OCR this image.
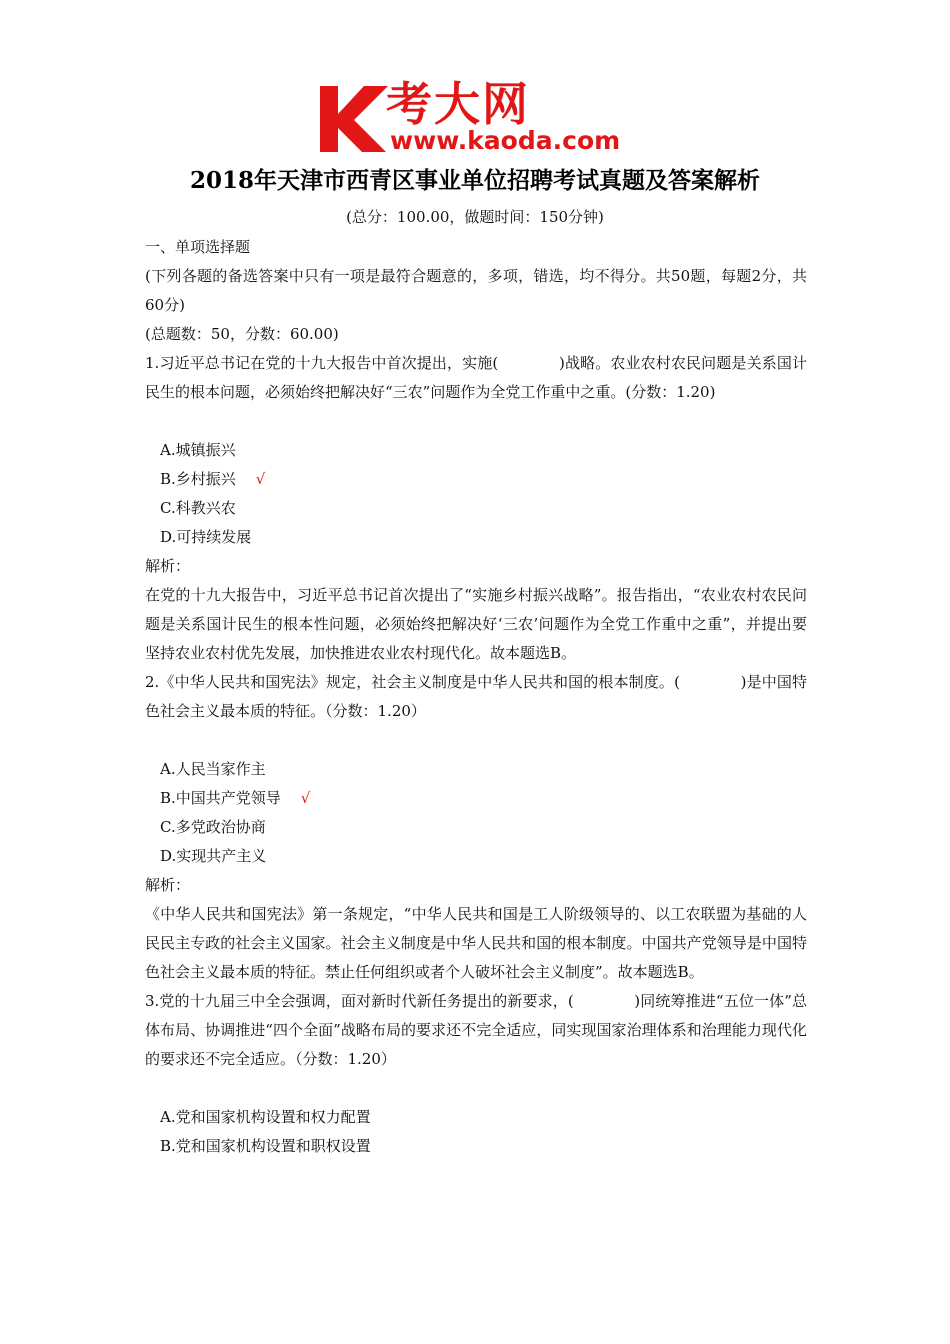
考大网
www.kaoda.com
2018年天津市西青区事业单位招聘考试真题及答案解析
(总分：100.00，做题时间：150分钟)

一、单项选择题

(下列各题的备选答案中只有一项是最符合题意的，多项，错选，均不得分。共50题，每题2分，共60分)

(总题数：50，分数：60.00)

1.习近平总书记在党的十九大报告中首次提出，实施(　　　　)战略。农业农村农民问题是关系国计民生的根本问题，必须始终把解决好“三农”问题作为全党工作重中之重。(分数：1.20)

A.城镇振兴

B.乡村振兴 √

C.科教兴农

D.可持续发展

解析：

在党的十九大报告中，习近平总书记首次提出了“实施乡村振兴战略”。报告指出，“农业农村农民问题是关系国计民生的根本性问题，必须始终把解决好‘三农’问题作为全党工作重中之重”，并提出要坚持农业农村优先发展，加快推进农业农村现代化。故本题选B。

2.《中华人民共和国宪法》规定，社会主义制度是中华人民共和国的根本制度。(　　　　)是中国特色社会主义最本质的特征。（分数：1.20）

A.人民当家作主

B.中国共产党领导 √

C.多党政治协商

D.实现共产主义

解析：

《中华人民共和国宪法》第一条规定，“中华人民共和国是工人阶级领导的、以工农联盟为基础的人民民主专政的社会主义国家。社会主义制度是中华人民共和国的根本制度。中国共产党领导是中国特色社会主义最本质的特征。禁止任何组织或者个人破坏社会主义制度”。故本题选B。

3.党的十九届三中全会强调，面对新时代新任务提出的新要求，(　　　　)同统筹推进“五位一体”总体布局、协调推进“四个全面”战略布局的要求还不完全适应，同实现国家治理体系和治理能力现代化的要求还不完全适应。（分数：1.20）

A.党和国家机构设置和权力配置

B.党和国家机构设置和职权设置
